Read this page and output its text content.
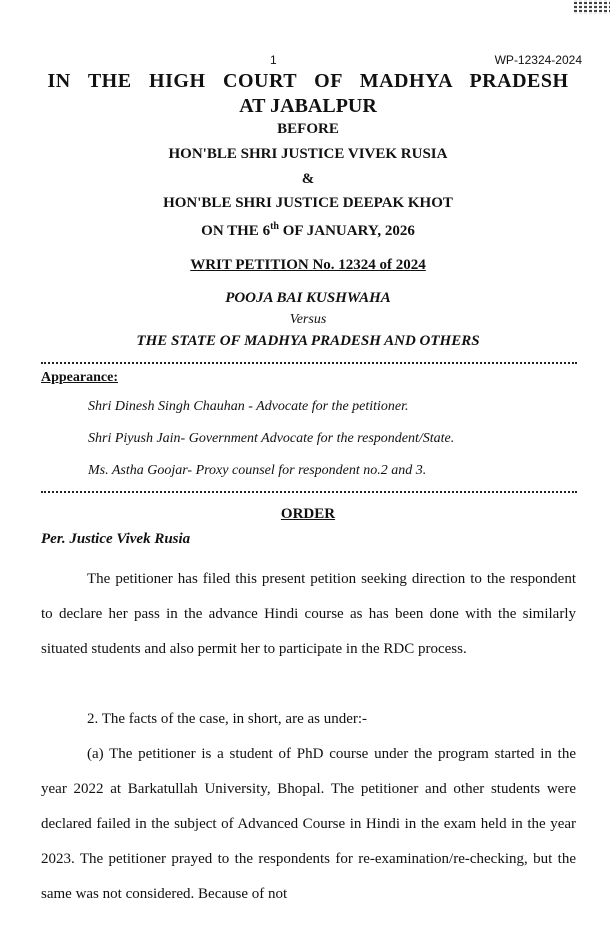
1	WP-12324-2024
IN THE HIGH COURT OF MADHYA PRADESH
AT JABALPUR
BEFORE
HON'BLE SHRI JUSTICE VIVEK RUSIA
&
HON'BLE SHRI JUSTICE DEEPAK KHOT
ON THE 6th OF JANUARY, 2026
WRIT PETITION No. 12324 of 2024
POOJA BAI KUSHWAHA
Versus
THE STATE OF MADHYA PRADESH AND OTHERS
Appearance:
Shri Dinesh Singh Chauhan - Advocate for the petitioner.
Shri Piyush Jain- Government Advocate for the respondent/State.
Ms. Astha Goojar- Proxy counsel for respondent no.2 and 3.
ORDER
Per. Justice Vivek Rusia
The petitioner has filed this present petition seeking direction to the respondent to declare her pass in the advance Hindi course as has been done with the similarly situated students and also permit her to participate in the RDC process.
2. The facts of the case, in short, are as under:-
(a) The petitioner is a student of PhD course under the program started in the year 2022 at Barkatullah University, Bhopal. The petitioner and other students were declared failed in the subject of Advanced Course in Hindi in the exam held in the year 2023. The petitioner prayed to the respondents for re-examination/re-checking, but the same was not considered. Because of not
